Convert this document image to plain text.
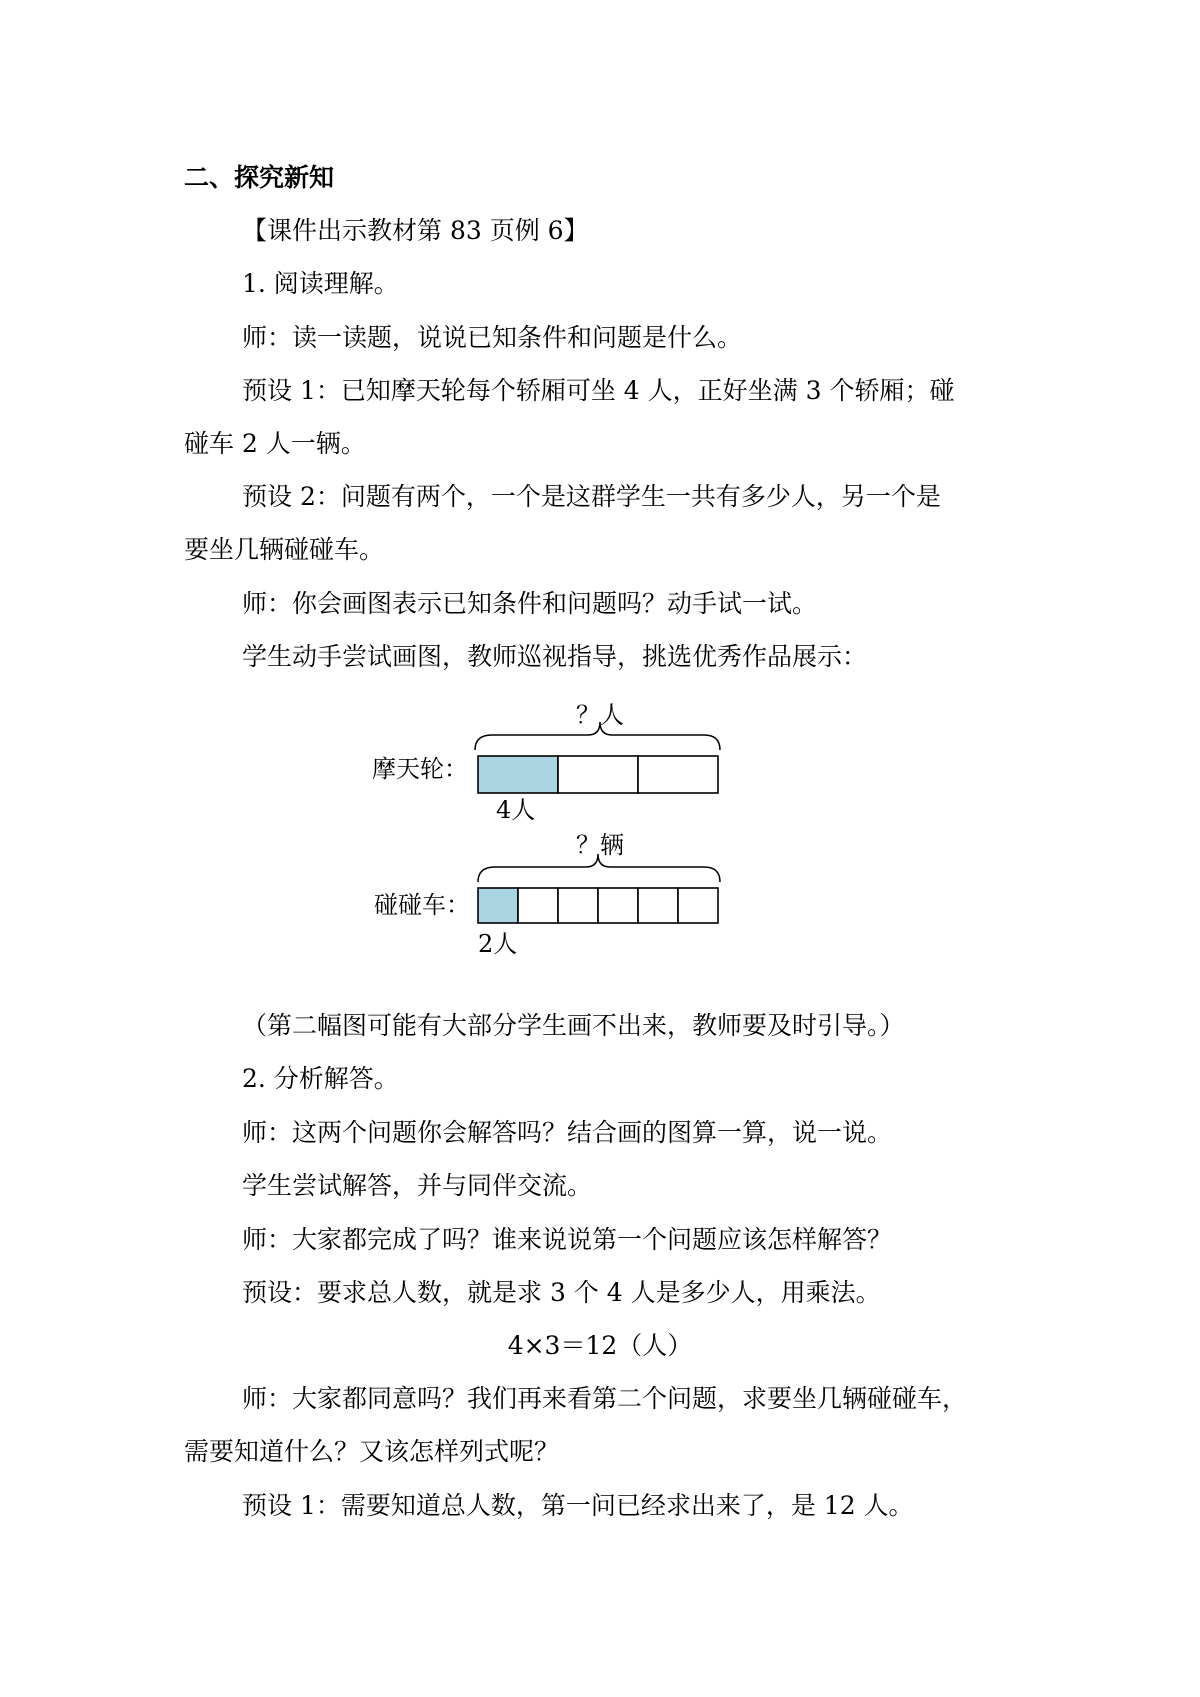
二、探究新知
【课件出示教材第 83 页例 6】
1. 阅读理解。
师：读一读题，说说已知条件和问题是什么。
预设 1：已知摩天轮每个轿厢可坐 4 人，正好坐满 3 个轿厢；碰
碰车 2 人一辆。
预设 2：问题有两个，一个是这群学生一共有多少人，另一个是
要坐几辆碰碰车。
师：你会画图表示已知条件和问题吗？动手试一试。
学生动手尝试画图，教师巡视指导，挑选优秀作品展示：
？人
摩天轮：
4人
？辆
碰碰车：
2人
（第二幅图可能有大部分学生画不出来，教师要及时引导。）
2. 分析解答。
师：这两个问题你会解答吗？结合画的图算一算，说一说。
学生尝试解答，并与同伴交流。
师：大家都完成了吗？谁来说说第一个问题应该怎样解答？
预设：要求总人数，就是求 3 个 4 人是多少人，用乘法。
4×3＝12（人）
师：大家都同意吗？我们再来看第二个问题，求要坐几辆碰碰车，
需要知道什么？又该怎样列式呢？
预设 1：需要知道总人数，第一问已经求出来了，是 12 人。
